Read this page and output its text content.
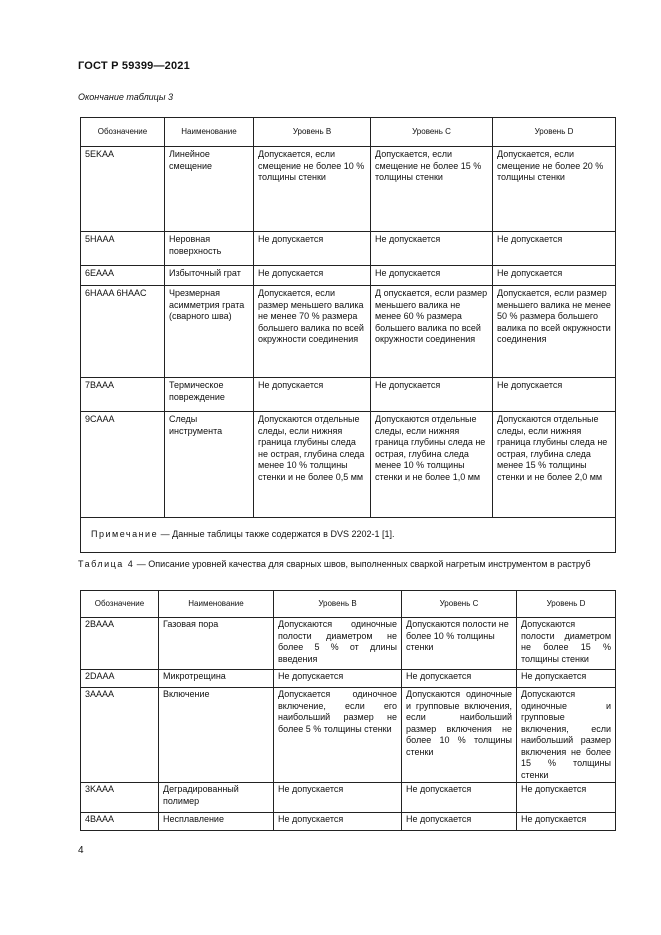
ГОСТ Р 59399—2021
Окончание таблицы 3
Обозначение	Наименование	Уровень B	Уровень C	Уровень D
5EKAA	Линейное смещение	Допускается, если смещение не более 10 % толщины стенки	Допускается, если смещение не более 15 % толщины стенки	Допускается, если смещение не более 20 % толщины стенки
5HAAA	Неровная поверхность	Не допускается	Не допускается	Не допускается
6EAAA	Избыточный грат	Не допускается	Не допускается	Не допускается
6HAAA 6HAAC	Чрезмерная асимметрия грата (сварного шва)	Допускается, если размер меньшего валика не менее 70 % размера большего валика по всей окружности соединения	Д опускается, если размер меньшего валика не менее 60 % размера большего валика по всей окружности соединения	Допускается, если размер меньшего валика не менее 50 % размера большего валика по всей окружности соединения
7BAAA	Термическое повреждение	Не допускается	Не допускается	Не допускается
9CAAA	Следы инструмента	Допускаются отдельные следы, если нижняя граница глубины следа не острая, глубина следа менее 10 % толщины стенки и не более 0,5 мм	Допускаются отдельные следы, если нижняя граница глубины следа не острая, глубина следа менее 10 % толщины стенки и не более 1,0 мм	Допускаются отдельные следы, если нижняя граница глубины следа не острая, глубина следа менее 15 % толщины стенки и не более 2,0 мм
Примечание — Данные таблицы также содержатся в DVS 2202-1 [1].				
Таблица 4 — Описание уровней качества для сварных швов, выполненных сваркой нагретым инструментом в раструб
Обозначение	Наименование	Уровень B	Уровень C	Уровень D
2BAAA	Газовая пора	Допускаются одиночные полости диаметром не более 5 % от длины введения	Допускаются полости не более 10 % толщины стенки	Допускаются полости диаметром не более 15 % толщины стенки
2DAAA	Микротрещина	Не допускается	Не допускается	Не допускается
3AAAA	Включение	Допускается одиночное включение, если его наибольший размер не более 5 % толщины стенки	Допускаются одиночные и групповые включения, если наибольший размер включения не более 10 % толщины стенки	Допускаются одиночные и групповые включения, если наибольший размер включения не более 15 % толщины стенки
3KAAA	Деградированный полимер	Не допускается	Не допускается	Не допускается
4BAAA	Несплавление	Не допускается	Не допускается	Не допускается
4
